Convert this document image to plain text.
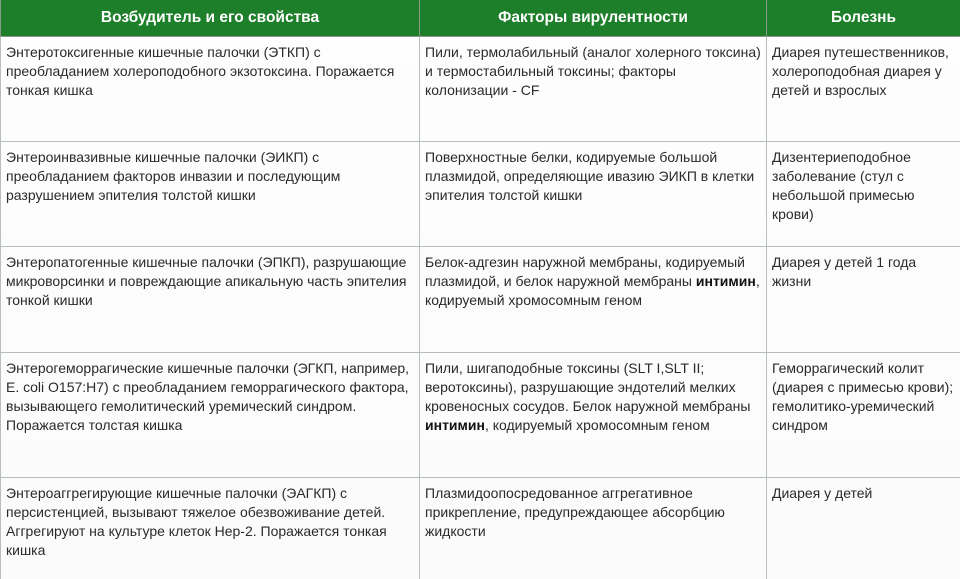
Возбудитель и его свойства	Факторы вирулентности	Болезнь
Энтеротоксигенные кишечные палочки (ЭТКП) с преобладанием холероподобного экзотоксина. Поражается тонкая кишка	Пили, термолабильный (аналог холерного токсина) и термостабильный токсины; факторы колонизации - CF	Диарея путешественников, холероподобная диарея у детей и взрослых
Энтероинвазивные кишечные палочки (ЭИКП) с преобладанием факторов инвазии и последующим разрушением эпителия толстой кишки	Поверхностные белки, кодируемые большой плазмидой, определяющие ивазию ЭИКП в клетки эпителия толстой кишки	Дизентериеподобное заболевание (стул с небольшой примесью крови)
Энтеропатогенные кишечные палочки (ЭПКП), разрушающие микроворсинки и повреждающие апикальную часть эпителия тонкой кишки	Белок-адгезин наружной мембраны, кодируемый плазмидой, и белок наружной мембраны интимин, кодируемый хромосомным геном	Диарея у детей 1 года жизни
Энтерогеморрагические кишечные палочки (ЭГКП, например, E. coli O157:H7) с преобладанием геморрагического фактора, вызывающего гемолитический уремический синдром. Поражается толстая кишка	Пили, шигаподобные токсины (SLT I,SLT II; веротоксины), разрушающие эндотелий мелких кровеносных сосудов. Белок наружной мембраны интимин, кодируемый хромосомным геном	Геморрагический колит (диарея с примесью крови); гемолитико-уремический синдром
Энтероаггрегирующие кишечные палочки (ЭАГКП) с персистенцией, вызывают тяжелое обезвоживание детей. Аггрегируют на культуре клеток Hep-2. Поражается тонкая кишка	Плазмидоопосредованное аггрегативное прикрепление, предупреждающее абсорбцию жидкости	Диарея у детей
